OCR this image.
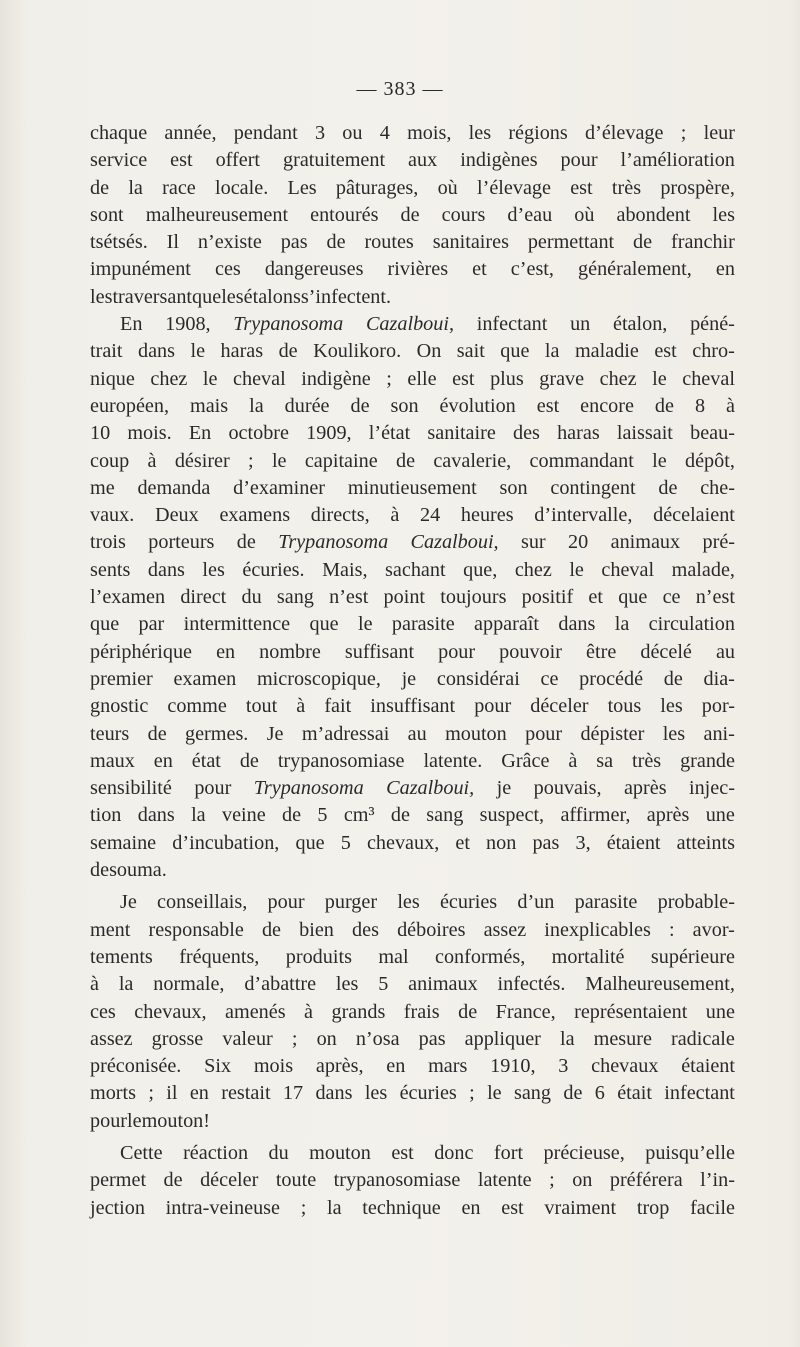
— 383 —
chaque année, pendant 3 ou 4 mois, les régions d’élevage ; leur
service est offert gratuitement aux indigènes pour l’amélioration
de la race locale. Les pâturages, où l’élevage est très prospère,
sont malheureusement entourés de cours d’eau où abondent les
tsétsés. Il n’existe pas de routes sanitaires permettant de franchir
impunément ces dangereuses rivières et c’est, généralement, en
les traversant que les étalons s’infectent.
En 1908, Trypanosoma Cazalboui, infectant un étalon, péné-
trait dans le haras de Koulikoro. On sait que la maladie est chro-
nique chez le cheval indigène ; elle est plus grave chez le cheval
européen, mais la durée de son évolution est encore de 8 à
10 mois. En octobre 1909, l’état sanitaire des haras laissait beau-
coup à désirer ; le capitaine de cavalerie, commandant le dépôt,
me demanda d’examiner minutieusement son contingent de che-
vaux. Deux examens directs, à 24 heures d’intervalle, décelaient
trois porteurs de Trypanosoma Cazalboui, sur 20 animaux pré-
sents dans les écuries. Mais, sachant que, chez le cheval malade,
l’examen direct du sang n’est point toujours positif et que ce n’est
que par intermittence que le parasite apparaît dans la circulation
périphérique en nombre suffisant pour pouvoir être décelé au
premier examen microscopique, je considérai ce procédé de dia-
gnostic comme tout à fait insuffisant pour déceler tous les por-
teurs de germes. Je m’adressai au mouton pour dépister les ani-
maux en état de trypanosomiase latente. Grâce à sa très grande
sensibilité pour Trypanosoma Cazalboui, je pouvais, après injec-
tion dans la veine de 5 cm³ de sang suspect, affirmer, après une
semaine d’incubation, que 5 chevaux, et non pas 3, étaient atteints
de souma.
Je conseillais, pour purger les écuries d’un parasite probable-
ment responsable de bien des déboires assez inexplicables : avor-
tements fréquents, produits mal conformés, mortalité supérieure
à la normale, d’abattre les 5 animaux infectés. Malheureusement,
ces chevaux, amenés à grands frais de France, représentaient une
assez grosse valeur ; on n’osa pas appliquer la mesure radicale
préconisée. Six mois après, en mars 1910, 3 chevaux étaient
morts ; il en restait 17 dans les écuries ; le sang de 6 était infectant
pour le mouton !
Cette réaction du mouton est donc fort précieuse, puisqu’elle
permet de déceler toute trypanosomiase latente ; on préférera l’in-
jection intra-veineuse ; la technique en est vraiment trop facile
